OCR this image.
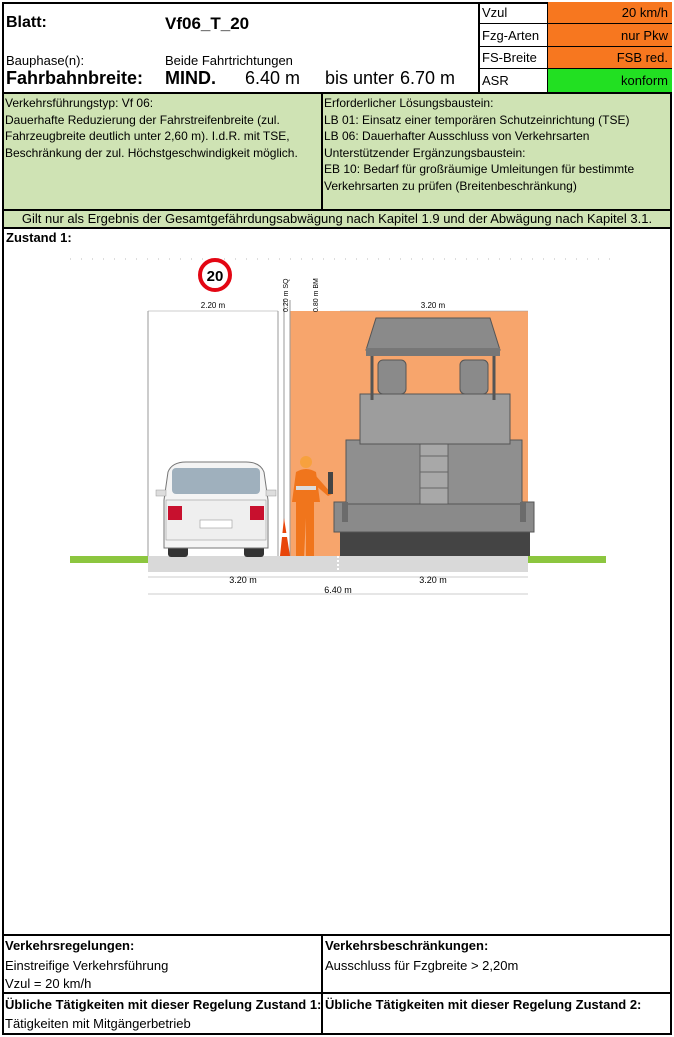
Blatt:	Vf06_T_20
Bauphase(n):	Beide Fahrtrichtungen
Fahrbahnbreite: MIND. 6.40 m bis unter 6.70 m
Vzul	20 km/h
Fzg-Arten	nur Pkw
FS-Breite	FSB red.
ASR	konform
Verkehrsführungstyp: Vf 06:
Dauerhafte Reduzierung der Fahrstreifenbreite (zul.
Fahrzeugbreite deutlich unter 2,60 m). I.d.R. mit TSE,
Beschränkung der zul. Höchstgeschwindigkeit möglich.
Erforderlicher Lösungsbaustein:
LB 01: Einsatz einer temporären Schutzeinrichtung (TSE)
LB 06: Dauerhafter Ausschluss von Verkehrsarten
Unterstützender Ergänzungsbaustein:
EB 10: Bedarf für großräumige Umleitungen für bestimmte
Verkehrsarten zu prüfen (Breitenbeschränkung)
Gilt nur als Ergebnis der Gesamtgefährdungsabwägung nach Kapitel 1.9 und der Abwägung nach Kapitel 3.1.
Zustand 1:
20
2.20 m	0.20 m SQ	0.80 m BM	3.20 m
3.20 m	3.20 m
6.40 m
Verkehrsregelungen:
Einstreifige Verkehrsführung
Vzul = 20 km/h
Verkehrsbeschränkungen:
Ausschluss für Fzgbreite > 2,20m
Übliche Tätigkeiten mit dieser Regelung Zustand 1:
Tätigkeiten mit Mitgängerbetrieb
Übliche Tätigkeiten mit dieser Regelung Zustand 2:
